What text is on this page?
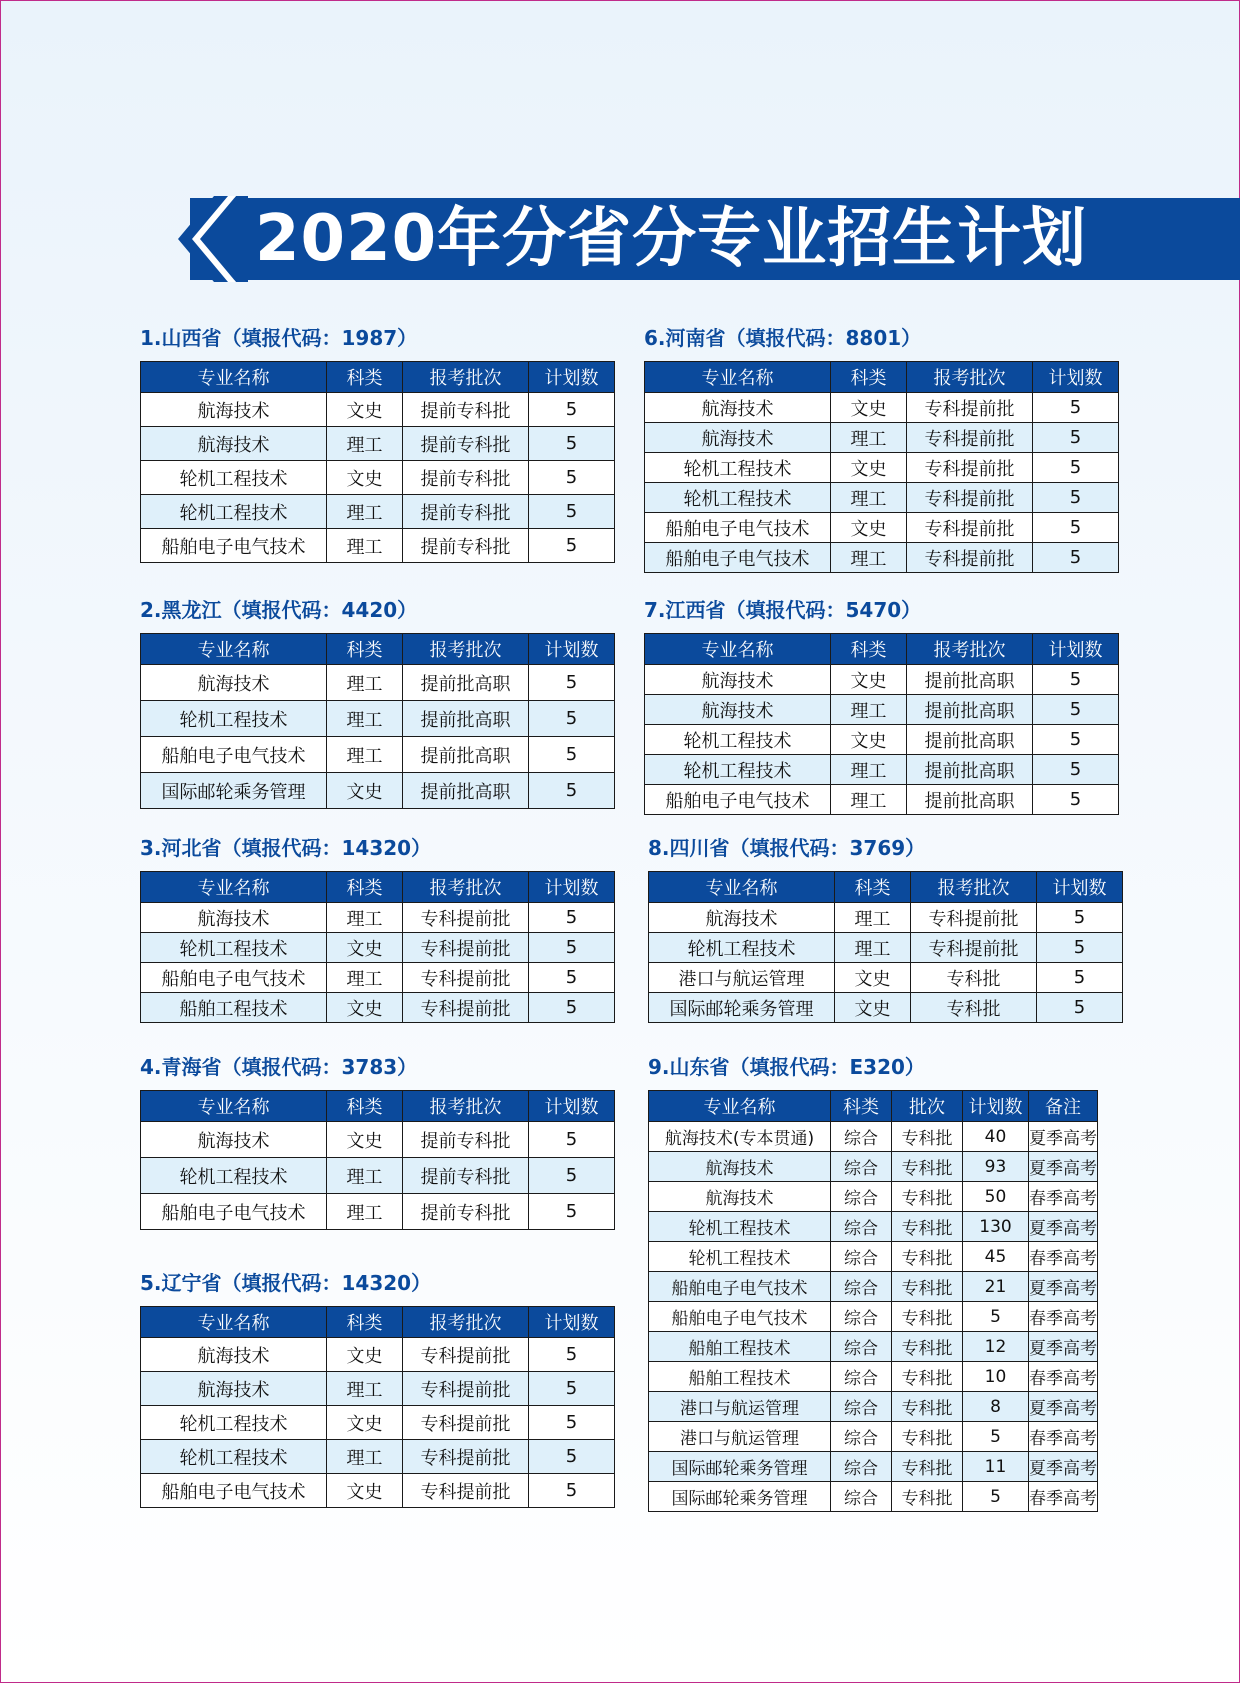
2020年分省分专业招生计划
1.山西省（填报代码：1987）
专业名称	科类	报考批次	计划数
航海技术	文史	提前专科批	5
航海技术	理工	提前专科批	5
轮机工程技术	文史	提前专科批	5
轮机工程技术	理工	提前专科批	5
船舶电子电气技术	理工	提前专科批	5
2.黑龙江（填报代码：4420）
专业名称	科类	报考批次	计划数
航海技术	理工	提前批高职	5
轮机工程技术	理工	提前批高职	5
船舶电子电气技术	理工	提前批高职	5
国际邮轮乘务管理	文史	提前批高职	5
3.河北省（填报代码：14320）
专业名称	科类	报考批次	计划数
航海技术	理工	专科提前批	5
轮机工程技术	文史	专科提前批	5
船舶电子电气技术	理工	专科提前批	5
船舶工程技术	文史	专科提前批	5
4.青海省（填报代码：3783）
专业名称	科类	报考批次	计划数
航海技术	文史	提前专科批	5
轮机工程技术	理工	提前专科批	5
船舶电子电气技术	理工	提前专科批	5
5.辽宁省（填报代码：14320）
专业名称	科类	报考批次	计划数
航海技术	文史	专科提前批	5
航海技术	理工	专科提前批	5
轮机工程技术	文史	专科提前批	5
轮机工程技术	理工	专科提前批	5
船舶电子电气技术	文史	专科提前批	5
6.河南省（填报代码：8801）
专业名称	科类	报考批次	计划数
航海技术	文史	专科提前批	5
航海技术	理工	专科提前批	5
轮机工程技术	文史	专科提前批	5
轮机工程技术	理工	专科提前批	5
船舶电子电气技术	文史	专科提前批	5
船舶电子电气技术	理工	专科提前批	5
7.江西省（填报代码：5470）
专业名称	科类	报考批次	计划数
航海技术	文史	提前批高职	5
航海技术	理工	提前批高职	5
轮机工程技术	文史	提前批高职	5
轮机工程技术	理工	提前批高职	5
船舶电子电气技术	理工	提前批高职	5
8.四川省（填报代码：3769）
专业名称	科类	报考批次	计划数
航海技术	理工	专科提前批	5
轮机工程技术	理工	专科提前批	5
港口与航运管理	文史	专科批	5
国际邮轮乘务管理	文史	专科批	5
9.山东省（填报代码：E320）
专业名称	科类	批次	计划数	备注
航海技术(专本贯通)	综合	专科批	40	夏季高考
航海技术	综合	专科批	93	夏季高考
航海技术	综合	专科批	50	春季高考
轮机工程技术	综合	专科批	130	夏季高考
轮机工程技术	综合	专科批	45	春季高考
船舶电子电气技术	综合	专科批	21	夏季高考
船舶电子电气技术	综合	专科批	5	春季高考
船舶工程技术	综合	专科批	12	夏季高考
船舶工程技术	综合	专科批	10	春季高考
港口与航运管理	综合	专科批	8	夏季高考
港口与航运管理	综合	专科批	5	春季高考
国际邮轮乘务管理	综合	专科批	11	夏季高考
国际邮轮乘务管理	综合	专科批	5	春季高考
